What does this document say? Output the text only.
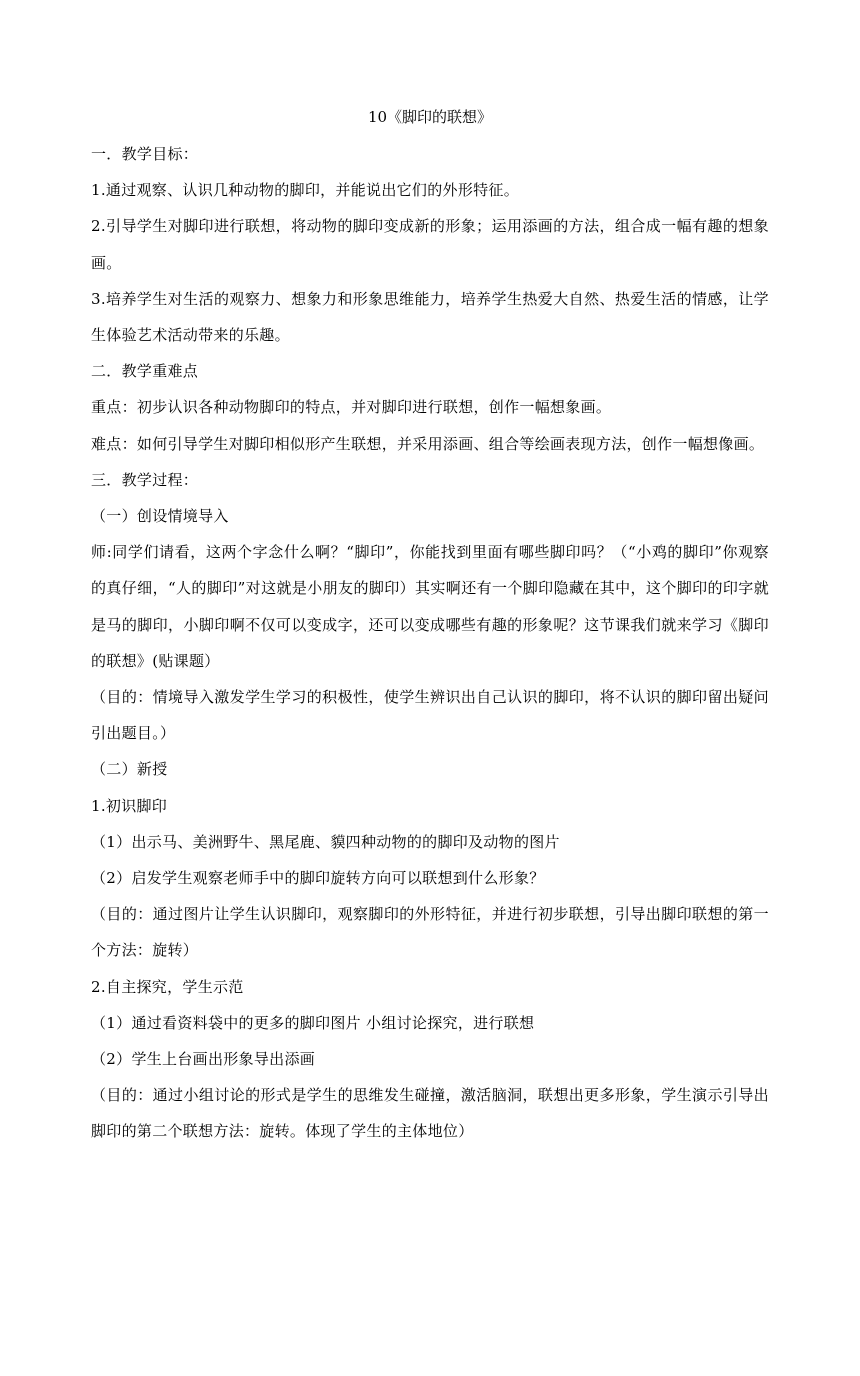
10《脚印的联想》

一．教学目标：

1.通过观察、认识几种动物的脚印，并能说出它们的外形特征。

2.引导学生对脚印进行联想，将动物的脚印变成新的形象；运用添画的方法，组合成一幅有趣的想象画。

3.培养学生对生活的观察力、想象力和形象思维能力，培养学生热爱大自然、热爱生活的情感，让学生体验艺术活动带来的乐趣。

二．教学重难点

重点：初步认识各种动物脚印的特点，并对脚印进行联想，创作一幅想象画。

难点：如何引导学生对脚印相似形产生联想，并采用添画、组合等绘画表现方法，创作一幅想像画。

三．教学过程：

（一）创设情境导入

师:同学们请看，这两个字念什么啊？“脚印”，你能找到里面有哪些脚印吗？（“小鸡的脚印”你观察的真仔细，“人的脚印”对这就是小朋友的脚印）其实啊还有一个脚印隐藏在其中，这个脚印的印字就是马的脚印，小脚印啊不仅可以变成字，还可以变成哪些有趣的形象呢？这节课我们就来学习《脚印的联想》(贴课题）

（目的：情境导入激发学生学习的积极性，使学生辨识出自己认识的脚印，将不认识的脚印留出疑问引出题目。）

（二）新授

1.初识脚印

（1）出示马、美洲野牛、黑尾鹿、貘四种动物的的脚印及动物的图片

（2）启发学生观察老师手中的脚印旋转方向可以联想到什么形象？

（目的：通过图片让学生认识脚印，观察脚印的外形特征，并进行初步联想，引导出脚印联想的第一个方法：旋转）

2.自主探究，学生示范

（1）通过看资料袋中的更多的脚印图片 小组讨论探究，进行联想

（2）学生上台画出形象导出添画

（目的：通过小组讨论的形式是学生的思维发生碰撞，激活脑洞，联想出更多形象，学生演示引导出脚印的第二个联想方法：旋转。体现了学生的主体地位）
